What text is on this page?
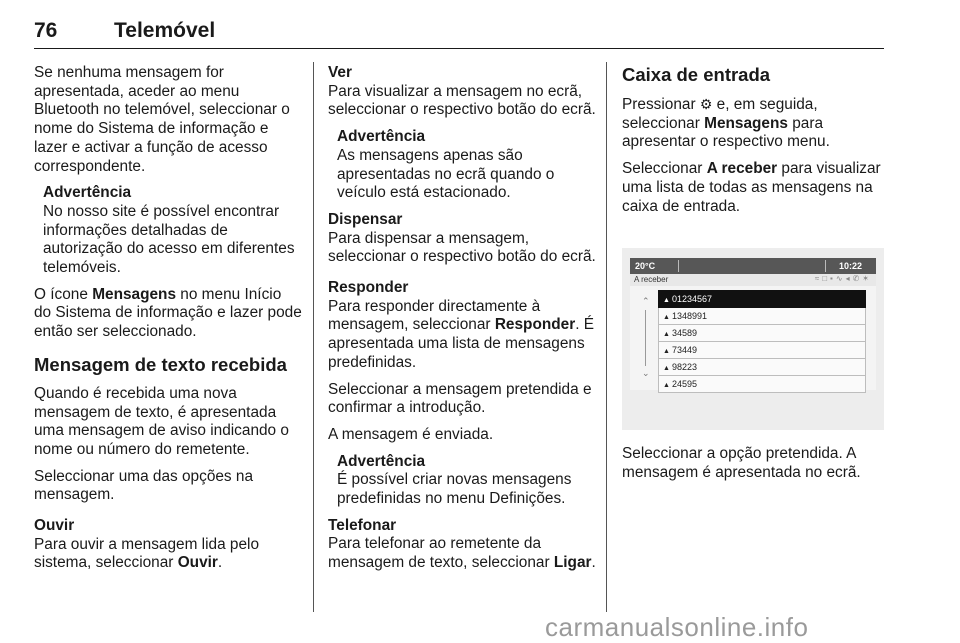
76	Telemóvel

Se nenhuma mensagem for apresentada, aceder ao menu Bluetooth no telemóvel, seleccionar o nome do Sistema de informação e lazer e activar a função de acesso correspondente.

Advertência
No nosso site é possível encontrar informações detalhadas de autorização do acesso em diferentes telemóveis.

O ícone Mensagens no menu Início do Sistema de informação e lazer pode então ser seleccionado.

Mensagem de texto recebida

Quando é recebida uma nova mensagem de texto, é apresentada uma mensagem de aviso indicando o nome ou número do remetente.

Seleccionar uma das opções na mensagem.

Ouvir

Para ouvir a mensagem lida pelo sistema, seleccionar Ouvir.

Ver

Para visualizar a mensagem no ecrã, seleccionar o respectivo botão do ecrã.

Advertência
As mensagens apenas são apresentadas no ecrã quando o veículo está estacionado.

Dispensar

Para dispensar a mensagem, seleccionar o respectivo botão do ecrã.

Responder

Para responder directamente à mensagem, seleccionar Responder. É apresentada uma lista de mensagens predefinidas.

Seleccionar a mensagem pretendida e confirmar a introdução.

A mensagem é enviada.

Advertência
É possível criar novas mensagens predefinidas no menu Definições.

Telefonar

Para telefonar ao remetente da mensagem de texto, seleccionar Ligar.

Caixa de entrada

Pressionar ⚙ e, em seguida, seleccionar Mensagens para apresentar o respectivo menu.

Seleccionar A receber para visualizar uma lista de todas as mensagens na caixa de entrada.

20°C	10:22
A receber	≈□▪∿◂✆✶
⌃
⌄
▲ 01234567
▲ 1348991
▲ 34589
▲ 73449
▲ 98223
▲ 24595

Seleccionar a opção pretendida. A mensagem é apresentada no ecrã.

carmanualsonline.info
